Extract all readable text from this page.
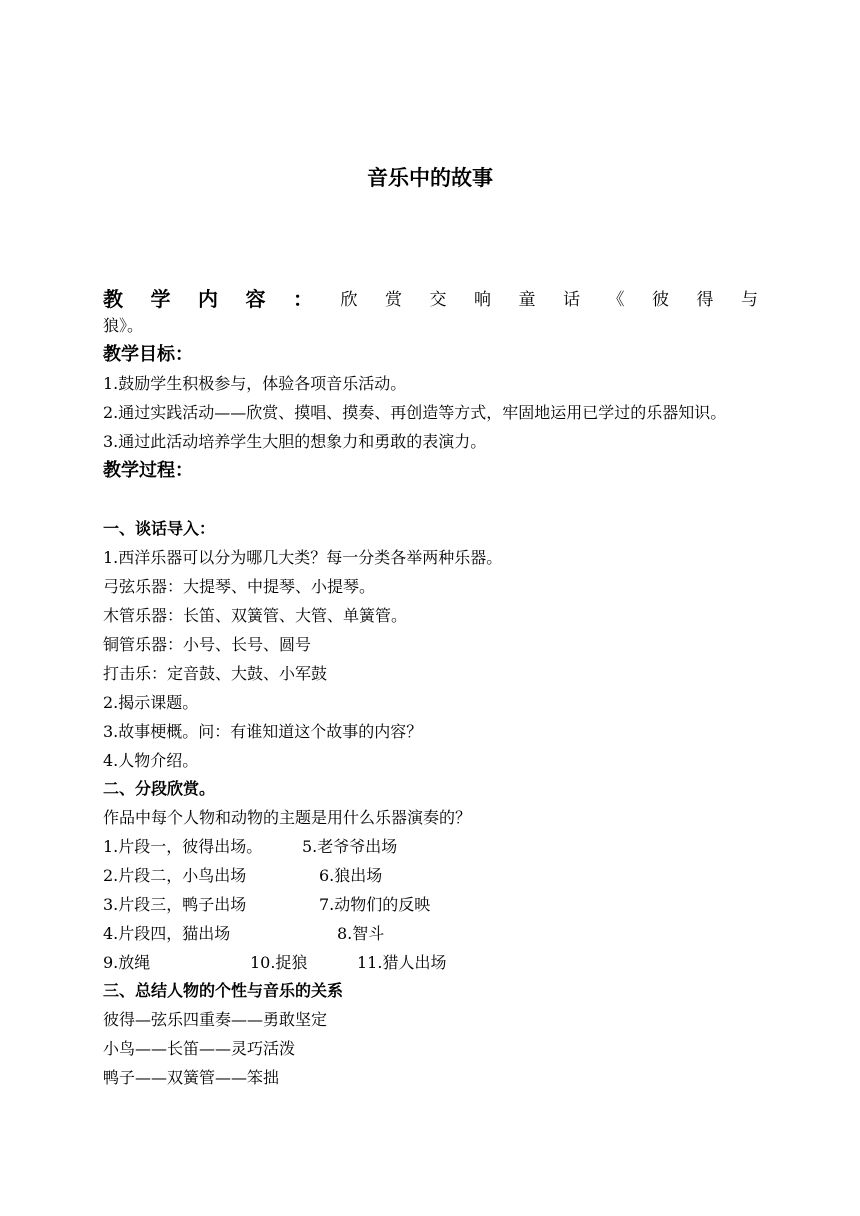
音乐中的故事
教 学 内 容 ： 欣 赏 交 响 童 话 《 彼 得 与
狼》。
教学目标：
1.鼓励学生积极参与，体验各项音乐活动。
2.通过实践活动——欣赏、摸唱、摸奏、再创造等方式，牢固地运用已学过的乐器知识。
3.通过此活动培养学生大胆的想象力和勇敢的表演力。
教学过程：
一、谈话导入：
1.西洋乐器可以分为哪几大类？每一分类各举两种乐器。
弓弦乐器：大提琴、中提琴、小提琴。
木管乐器：长笛、双簧管、大管、单簧管。
铜管乐器：小号、长号、圆号
打击乐：定音鼓、大鼓、小军鼓
2.揭示课题。
3.故事梗概。问：有谁知道这个故事的内容？
4.人物介绍。
二、分段欣赏。
作品中每个人物和动物的主题是用什么乐器演奏的？
1.片段一，彼得出场。 5.老爷爷出场
2.片段二，小鸟出场	6.狼出场
3.片段三，鸭子出场	7.动物们的反映
4.片段四，猫出场	8.智斗
9.放绳	10.捉狼	11.猎人出场
三、总结人物的个性与音乐的关系
彼得—弦乐四重奏——勇敢坚定
小鸟——长笛——灵巧活泼
鸭子——双簧管——笨拙
